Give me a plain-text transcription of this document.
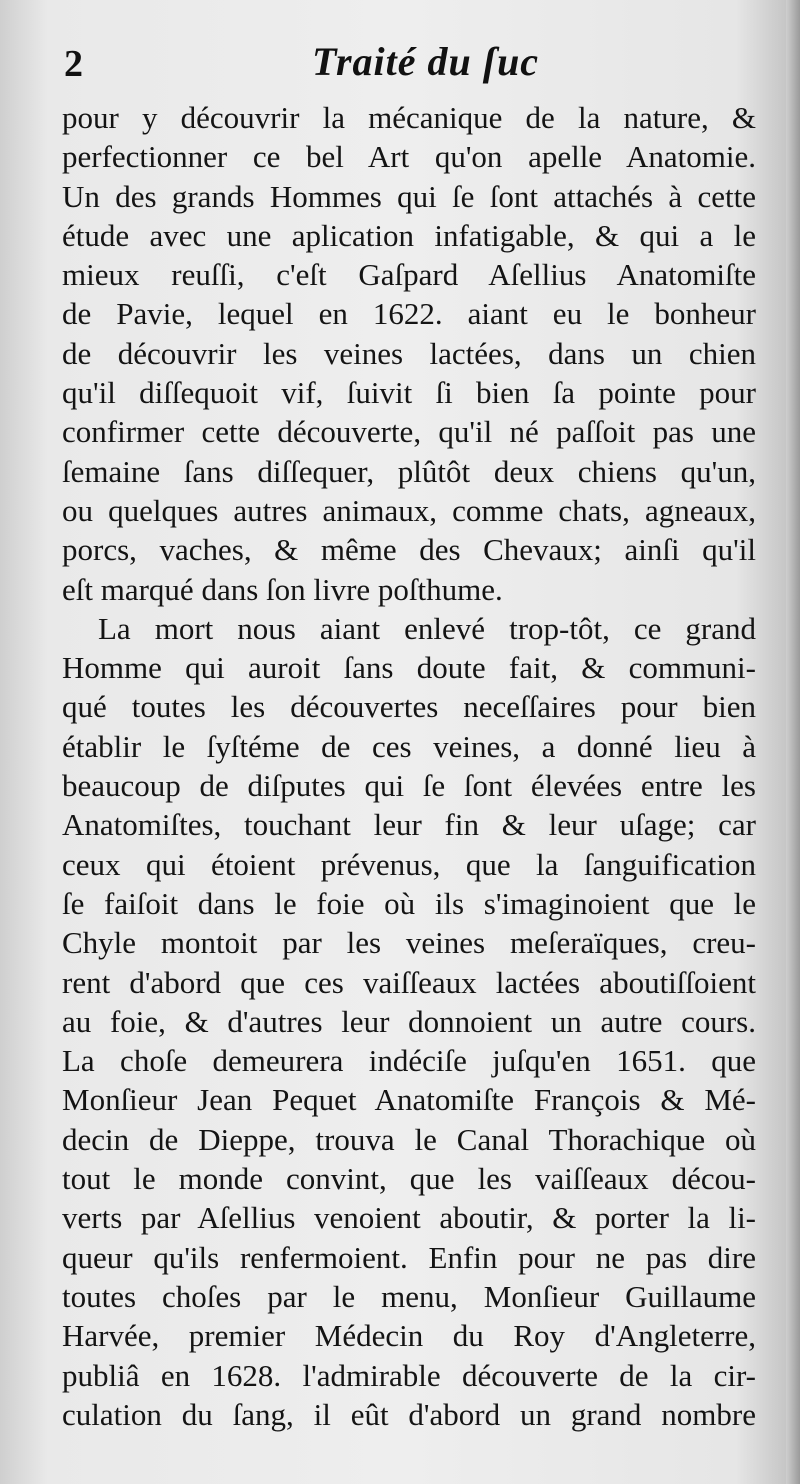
2	Traité du ſuc
pour y découvrir la mécanique de la nature, &
perfectionner ce bel Art qu'on apelle Anatomie.
Un des grands Hommes qui ſe ſont attachés à cette
étude avec une aplication infatigable, & qui a le
mieux reuſſi, c'eſt Gaſpard Aſellius Anatomiſte
de Pavie, lequel en 1622. aiant eu le bonheur
de découvrir les veines lactées, dans un chien
qu'il diſſequoit vif, ſuivit ſi bien ſa pointe pour
confirmer cette découverte, qu'il né paſſoit pas une
ſemaine ſans diſſequer, plûtôt deux chiens qu'un,
ou quelques autres animaux, comme chats, agneaux,
porcs, vaches, & même des Chevaux; ainſi qu'il
eſt marqué dans ſon livre poſthume.
La mort nous aiant enlevé trop-tôt, ce grand
Homme qui auroit ſans doute fait, & communi-
qué toutes les découvertes neceſſaires pour bien
établir le ſyſtéme de ces veines, a donné lieu à
beaucoup de diſputes qui ſe ſont élevées entre les
Anatomiſtes, touchant leur fin & leur uſage; car
ceux qui étoient prévenus, que la ſanguification
ſe faiſoit dans le foie où ils s'imaginoient que le
Chyle montoit par les veines meſeraïques, creu-
rent d'abord que ces vaiſſeaux lactées aboutiſſoient
au foie, & d'autres leur donnoient un autre cours.
La choſe demeurera indéciſe juſqu'en 1651. que
Monſieur Jean Pequet Anatomiſte François & Mé-
decin de Dieppe, trouva le Canal Thorachique où
tout le monde convint, que les vaiſſeaux décou-
verts par Aſellius venoient aboutir, & porter la li-
queur qu'ils renfermoient. Enfin pour ne pas dire
toutes choſes par le menu, Monſieur Guillaume
Harvée, premier Médecin du Roy d'Angleterre,
publiâ en 1628. l'admirable découverte de la cir-
culation du ſang, il eût d'abord un grand nombre
